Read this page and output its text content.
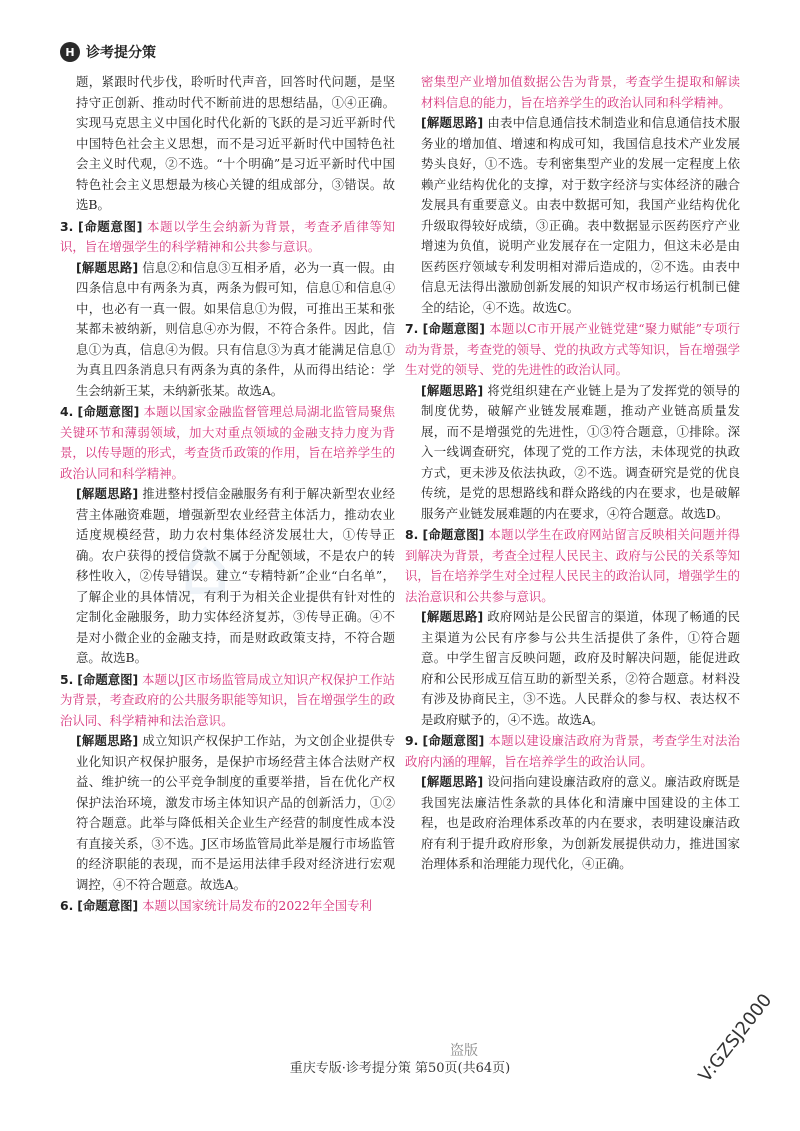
H 诊考提分策
⌂

题，紧跟时代步伐，聆听时代声音，回答时代问题，是坚持守正创新、推动时代不断前进的思想结晶，①④正确。实现马克思主义中国化时代化新的飞跃的是习近平新时代中国特色社会主义思想，而不是习近平新时代中国特色社会主义时代观，②不选。“十个明确”是习近平新时代中国特色社会主义思想最为核心关键的组成部分，③错误。故选B。

3. [命题意图] 本题以学生会纳新为背景，考查矛盾律等知识，旨在增强学生的科学精神和公共参与意识。

[解题思路] 信息②和信息③互相矛盾，必为一真一假。由四条信息中有两条为真，两条为假可知，信息①和信息④中，也必有一真一假。如果信息①为假，可推出王某和张某都未被纳新，则信息④亦为假，不符合条件。因此，信息①为真，信息④为假。只有信息③为真才能满足信息①为真且四条消息只有两条为真的条件，从而得出结论：学生会纳新王某，未纳新张某。故选A。

4. [命题意图] 本题以国家金融监督管理总局湖北监管局聚焦关键环节和薄弱领域，加大对重点领域的金融支持力度为背景，以传导题的形式，考查货币政策的作用，旨在培养学生的政治认同和科学精神。

[解题思路] 推进整村授信金融服务有利于解决新型农业经营主体融资难题，增强新型农业经营主体活力，推动农业适度规模经营，助力农村集体经济发展壮大，①传导正确。农户获得的授信贷款不属于分配领域，不是农户的转移性收入，②传导错误。建立“专精特新”企业“白名单”，了解企业的具体情况，有利于为相关企业提供有针对性的定制化金融服务，助力实体经济复苏，③传导正确。④不是对小微企业的金融支持，而是财政政策支持，不符合题意。故选B。

5. [命题意图] 本题以J区市场监管局成立知识产权保护工作站为背景，考查政府的公共服务职能等知识，旨在增强学生的政治认同、科学精神和法治意识。

[解题思路] 成立知识产权保护工作站，为文创企业提供专业化知识产权保护服务，是保护市场经营主体合法财产权益、维护统一的公平竞争制度的重要举措，旨在优化产权保护法治环境，激发市场主体知识产品的创新活力，①②符合题意。此举与降低相关企业生产经营的制度性成本没有直接关系，③不选。J区市场监管局此举是履行市场监管的经济职能的表现，而不是运用法律手段对经济进行宏观调控，④不符合题意。故选A。

6. [命题意图] 本题以国家统计局发布的2022年全国专利

密集型产业增加值数据公告为背景，考查学生提取和解读材料信息的能力，旨在培养学生的政治认同和科学精神。

[解题思路] 由表中信息通信技术制造业和信息通信技术服务业的增加值、增速和构成可知，我国信息技术产业发展势头良好，①不选。专利密集型产业的发展一定程度上依赖产业结构优化的支撑，对于数字经济与实体经济的融合发展具有重要意义。由表中数据可知，我国产业结构优化升级取得较好成绩，③正确。表中数据显示医药医疗产业增速为负值，说明产业发展存在一定阻力，但这未必是由医药医疗领域专利发明相对滞后造成的，②不选。由表中信息无法得出激励创新发展的知识产权市场运行机制已健全的结论，④不选。故选C。

7. [命题意图] 本题以C市开展产业链党建“聚力赋能”专项行动为背景，考查党的领导、党的执政方式等知识，旨在增强学生对党的领导、党的先进性的政治认同。

[解题思路] 将党组织建在产业链上是为了发挥党的领导的制度优势，破解产业链发展难题，推动产业链高质量发展，而不是增强党的先进性，①③符合题意，①排除。深入一线调查研究，体现了党的工作方法，未体现党的执政方式，更未涉及依法执政，②不选。调查研究是党的优良传统，是党的思想路线和群众路线的内在要求，也是破解服务产业链发展难题的内在要求，④符合题意。故选D。

8. [命题意图] 本题以学生在政府网站留言反映相关问题并得到解决为背景，考查全过程人民民主、政府与公民的关系等知识，旨在培养学生对全过程人民民主的政治认同，增强学生的法治意识和公共参与意识。

[解题思路] 政府网站是公民留言的渠道，体现了畅通的民主渠道为公民有序参与公共生活提供了条件，①符合题意。中学生留言反映问题，政府及时解决问题，能促进政府和公民形成互信互助的新型关系，②符合题意。材料没有涉及协商民主，③不选。人民群众的参与权、表达权不是政府赋予的，④不选。故选A。

9. [命题意图] 本题以建设廉洁政府为背景，考查学生对法治政府内涵的理解，旨在培养学生的政治认同。

[解题思路] 设问指向建设廉洁政府的意义。廉洁政府既是我国宪法廉洁性条款的具体化和清廉中国建设的主体工程，也是政府治理体系改革的内在要求，表明建设廉洁政府有利于提升政府形象，为创新发展提供动力，推进国家治理体系和治理能力现代化，④正确。

盗版
重庆专版·诊考提分策 第50页(共64页)	V:GZSJ2000
